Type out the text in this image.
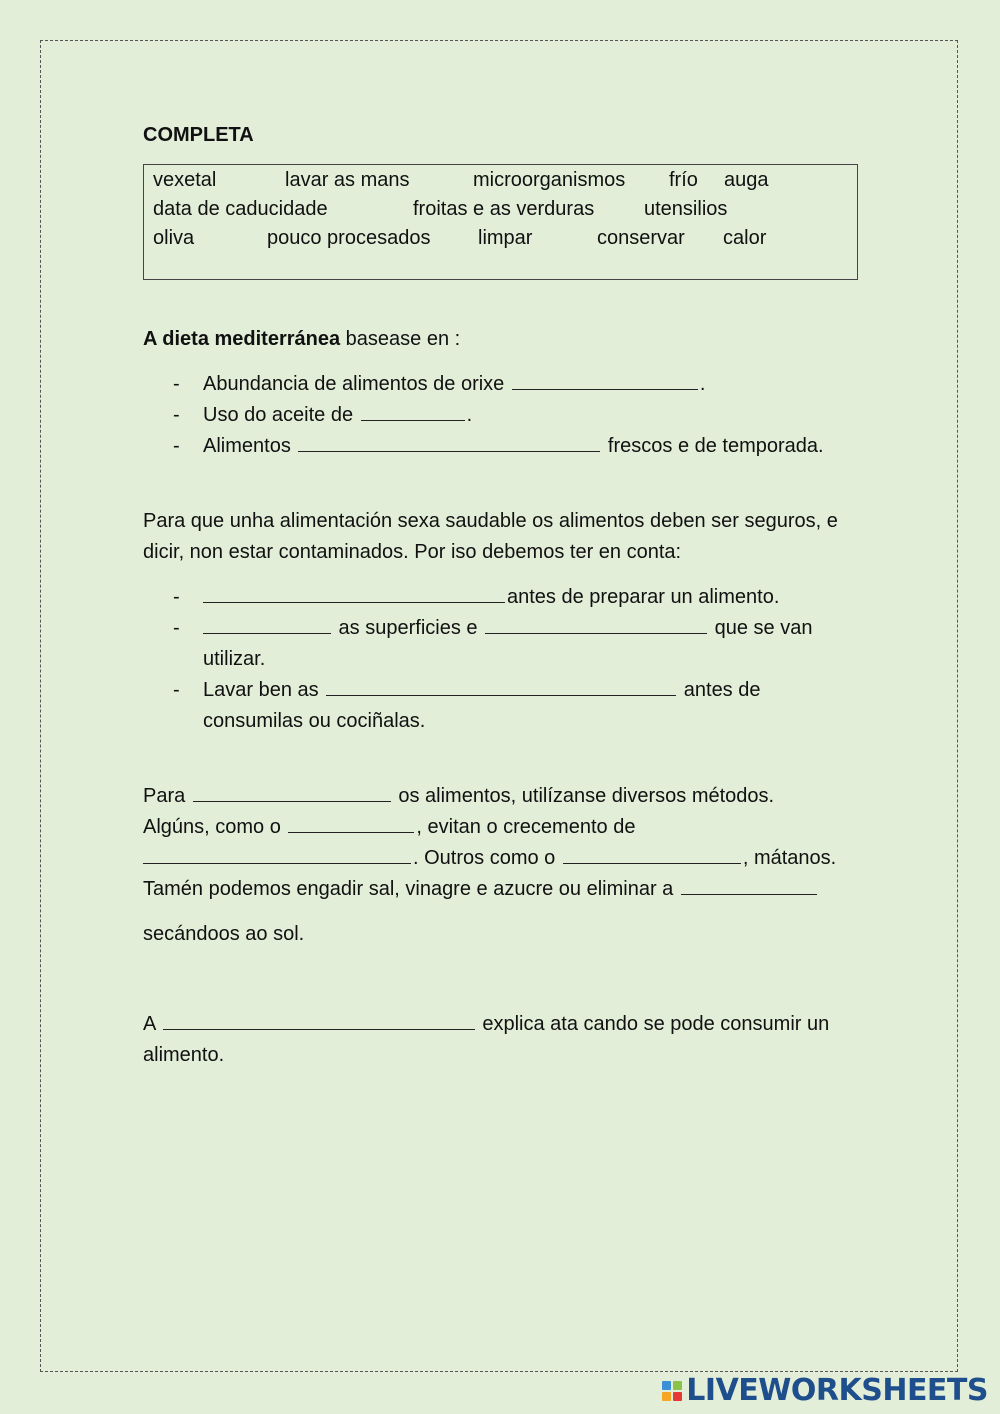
COMPLETA

vexetal	lavar as mans	microorganismos frío auga
data de caducidade	froitas e as verduras utensilios
oliva	pouco procesados limpar	conservar calor

A dieta mediterránea basease en :

- Abundancia de alimentos de orixe	.
- Uso do aceite de	.
- Alimentos	frescos e de temporada.

Para que unha alimentación sexa saudable os alimentos deben ser seguros, e dicir, non estar contaminados. Por iso debemos ter en conta:

-	antes de preparar un alimento.
-	as superficies e	que se van
utilizar.
- Lavar ben as	antes de
consumilas ou cociñalas.
Para	os alimentos, utilízanse diversos métodos.
Algúns, como o	, evitan o crecemento de
. Outros como o	, mátanos.
Tamén podemos engadir sal, vinagre e azucre ou eliminar a
secándoos ao sol.
A	explica ata cando se pode consumir un
alimento.
LIVEWORKSHEETS
